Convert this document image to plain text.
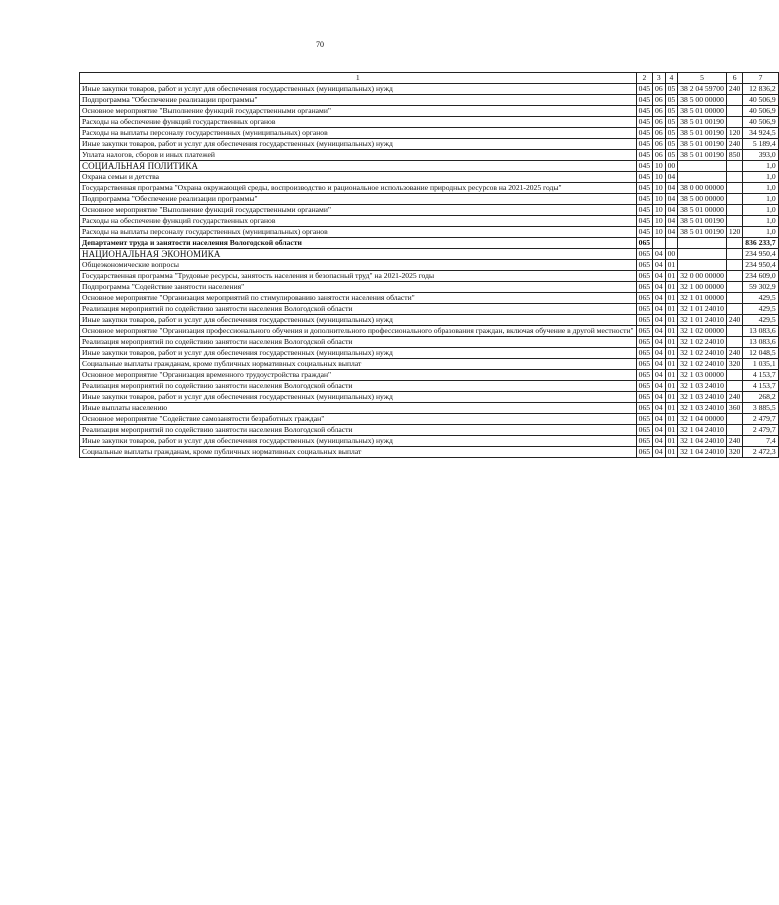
70
1	2	3	4	5	6	7
Иные закупки товаров, работ и услуг для обеспечения государственных (муниципальных) нужд	045	06	05	38 2 04 59700	240	12 836,2
Подпрограмма "Обеспечение реализации программы"	045	06	05	38 5 00 00000		40 506,9
Основное мероприятие "Выполнение функций государственными органами"	045	06	05	38 5 01 00000		40 506,9
Расходы на обеспечение функций государственных органов	045	06	05	38 5 01 00190		40 506,9
Расходы на выплаты персоналу государственных (муниципальных) органов	045	06	05	38 5 01 00190	120	34 924,5
Иные закупки товаров, работ и услуг для обеспечения государственных (муниципальных) нужд	045	06	05	38 5 01 00190	240	5 189,4
Уплата налогов, сборов и иных платежей	045	06	05	38 5 01 00190	850	393,0
СОЦИАЛЬНАЯ ПОЛИТИКА	045	10	00			1,0
Охрана семьи и детства	045	10	04			1,0
Государственная программа "Охрана окружающей среды, воспроизводство и рациональное использование природных ресурсов на 2021-2025 годы"	045	10	04	38 0 00 00000		1,0
Подпрограмма "Обеспечение реализации программы"	045	10	04	38 5 00 00000		1,0
Основное мероприятие "Выполнение функций государственными органами"	045	10	04	38 5 01 00000		1,0
Расходы на обеспечение функций государственных органов	045	10	04	38 5 01 00190		1,0
Расходы на выплаты персоналу государственных (муниципальных) органов	045	10	04	38 5 01 00190	120	1,0
Департамент труда и занятости населения Вологодской области	065					836 233,7
НАЦИОНАЛЬНАЯ ЭКОНОМИКА	065	04	00			234 950,4
Общеэкономические вопросы	065	04	01			234 950,4
Государственная программа "Трудовые ресурсы, занятость населения и безопасный труд" на 2021-2025 годы	065	04	01	32 0 00 00000		234 609,0
Подпрограмма "Содействие занятости населения"	065	04	01	32 1 00 00000		59 302,9
Основное мероприятие "Организация мероприятий по стимулированию занятости населения области"	065	04	01	32 1 01 00000		429,5
Реализация мероприятий по содействию занятости населения Вологодской области	065	04	01	32 1 01 24010		429,5
Иные закупки товаров, работ и услуг для обеспечения государственных (муниципальных) нужд	065	04	01	32 1 01 24010	240	429,5
Основное мероприятие "Организация профессионального обучения и дополнительного профессионального образования граждан, включая обучение в другой местности"	065	04	01	32 1 02 00000		13 083,6
Реализация мероприятий по содействию занятости населения Вологодской области	065	04	01	32 1 02 24010		13 083,6
Иные закупки товаров, работ и услуг для обеспечения государственных (муниципальных) нужд	065	04	01	32 1 02 24010	240	12 048,5
Социальные выплаты гражданам, кроме публичных нормативных социальных выплат	065	04	01	32 1 02 24010	320	1 035,1
Основное мероприятие "Организация временного трудоустройства граждан"	065	04	01	32 1 03 00000		4 153,7
Реализация мероприятий по содействию занятости населения Вологодской области	065	04	01	32 1 03 24010		4 153,7
Иные закупки товаров, работ и услуг для обеспечения государственных (муниципальных) нужд	065	04	01	32 1 03 24010	240	268,2
Иные выплаты населению	065	04	01	32 1 03 24010	360	3 885,5
Основное мероприятие "Содействие самозанятости безработных граждан"	065	04	01	32 1 04 00000		2 479,7
Реализация мероприятий по содействию занятости населения Вологодской области	065	04	01	32 1 04 24010		2 479,7
Иные закупки товаров, работ и услуг для обеспечения государственных (муниципальных) нужд	065	04	01	32 1 04 24010	240	7,4
Социальные выплаты гражданам, кроме публичных нормативных социальных выплат	065	04	01	32 1 04 24010	320	2 472,3
